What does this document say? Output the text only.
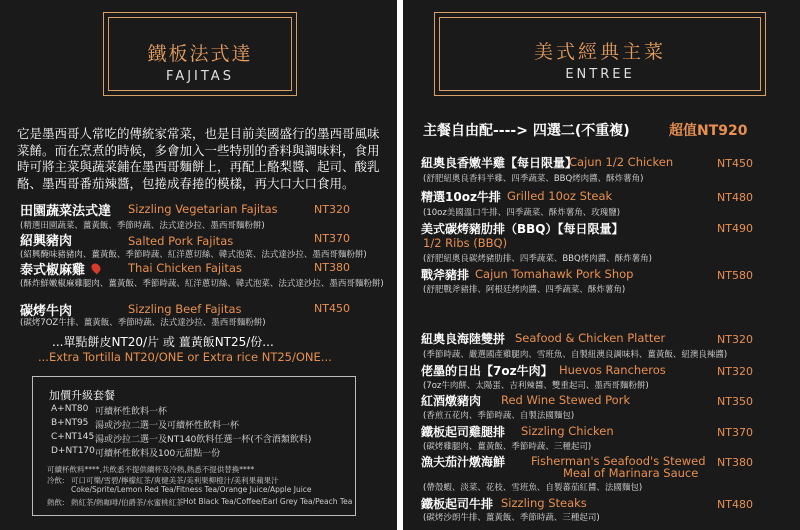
鐵板法式達
FAJITAS
它是墨西哥人常吃的傳統家常菜，也是目前美國盛行的墨西哥風味菜餚。而在烹煮的時候，多會加入一些特別的香料與調味料，食用時可將主菜與蔬菜鋪在墨西哥麵餅上，再配上酪梨醬、起司、酸乳酪、墨西哥番茄辣醬，包捲成春捲的模樣，再大口大口食用。
田園蔬菜法式達 Sizzling Vegetarian Fajitas	NT320
(精選田園蔬菜、薑黃飯、季節時蔬、法式達沙拉、墨西哥麵粉餅)
紹興豬肉	Salted Pork Fajitas	NT370
(紹興醃味豬豬肉、薑黃飯、季節時蔬、紅洋蔥切絲、韓式泡菜、法式達沙拉、墨西哥麵粉餅)
泰式椒麻雞	Thai Chicken Fajitas	NT380
(酥炸鮮嫩椒麻雞腿肉、薑黃飯、季節時蔬、紅洋蔥切絲、韓式泡菜、法式達沙拉、墨西哥麵粉餅)
碳烤牛肉	Sizzling Beef Fajitas	NT450
(碳烤7OZ牛排、薑黃飯、季節時蔬、法式達沙拉、墨西哥麵粉餅)
...單點餅皮NT20/片 或 薑黃飯NT25/份...
...Extra Tortilla NT20/ONE or Extra rice NT25/ONE...
加價升級套餐
A+NT80 可續杯性飲料一杯
B+NT95 湯或沙拉二選一及可續杯性飲料一杯
C+NT145 湯或沙拉二選一及NT140飲料任選一杯(不含酒類飲料)
D+NT170 可續杯性飲料及100元甜點一份
可續杯飲料****,共飲悉不提供續杯及冷熱,熱悉不提供替換****
冷飲: 可口可樂/雪碧/檸檬紅茶/爽健美茶/美利果柳橙汁/美利果蘋果汁
Coke/Sprite/Lemon Red Tea/Fitness Tea/Orange Juice/Apple Juice
熱飲: 熱紅茶/熱咖啡/伯爵茶/水蜜桃紅茶 Hot Black Tea/Coffee/Earl Grey Tea/Peach Tea
美式經典主菜
ENTREE
主餐自由配----> 四選二(不重複)	超值NT920
紐奧良香嫩半雞【每日限量】
Cajun 1/2 Chicken	NT450
(舒肥紐奧良香料半雞、四季蔬菜、BBQ烤肉醬、酥炸薯角)
精選10oz牛排 Grilled 10oz Steak	NT480
(10oz美國溫口牛排、四季蔬菜、酥炸薯角、玫瑰鹽)
美式碳烤豬肋排（BBQ）【每日限量】	NT490
1/2 Ribs (BBQ)
(舒肥紐奧良碳烤豬肋排、四季蔬菜、BBQ烤肉醬、酥炸薯角)
戰斧豬排 Cajun Tomahawk Pork Shop	NT580
(舒肥戰斧豬排、阿根廷烤肉醬、四季蔬菜、酥炸薯角)
紐奧良海陸雙拼 Seafood & Chicken Platter	NT320
(季節時蔬、嚴選國產雞腿肉、雪班魚、自製紐澳良調味料、薑黃飯、紐澳良辣醬)
佬墨的日出【7oz牛肉】 Huevos Rancheros	NT320
(7oz牛肉餅、太陽蛋、吉利辣醬、雙重起司、墨西哥麵粉餅)
紅酒燉豬肉 Red Wine Stewed Pork	NT350
(香煎五花肉、季節時蔬、自製法國麵包)
鐵板起司雞腿排 Sizzling Chicken	NT370
(碳烤雞腿肉、薑黃飯、季節時蔬、三種起司)
漁夫茄汁燉海鮮 Fisherman's Seafood's Stewed
Meal of Marinara Sauce
NT380
(帶殼蝦、淡菜、花枝、雪班魚、自製蕃茄紅醬、法國麵包)
鐵板起司牛排 Sizzling Steaks	NT480
(碳烤沙朗牛排、薑黃飯、季節時蔬、三種起司)
